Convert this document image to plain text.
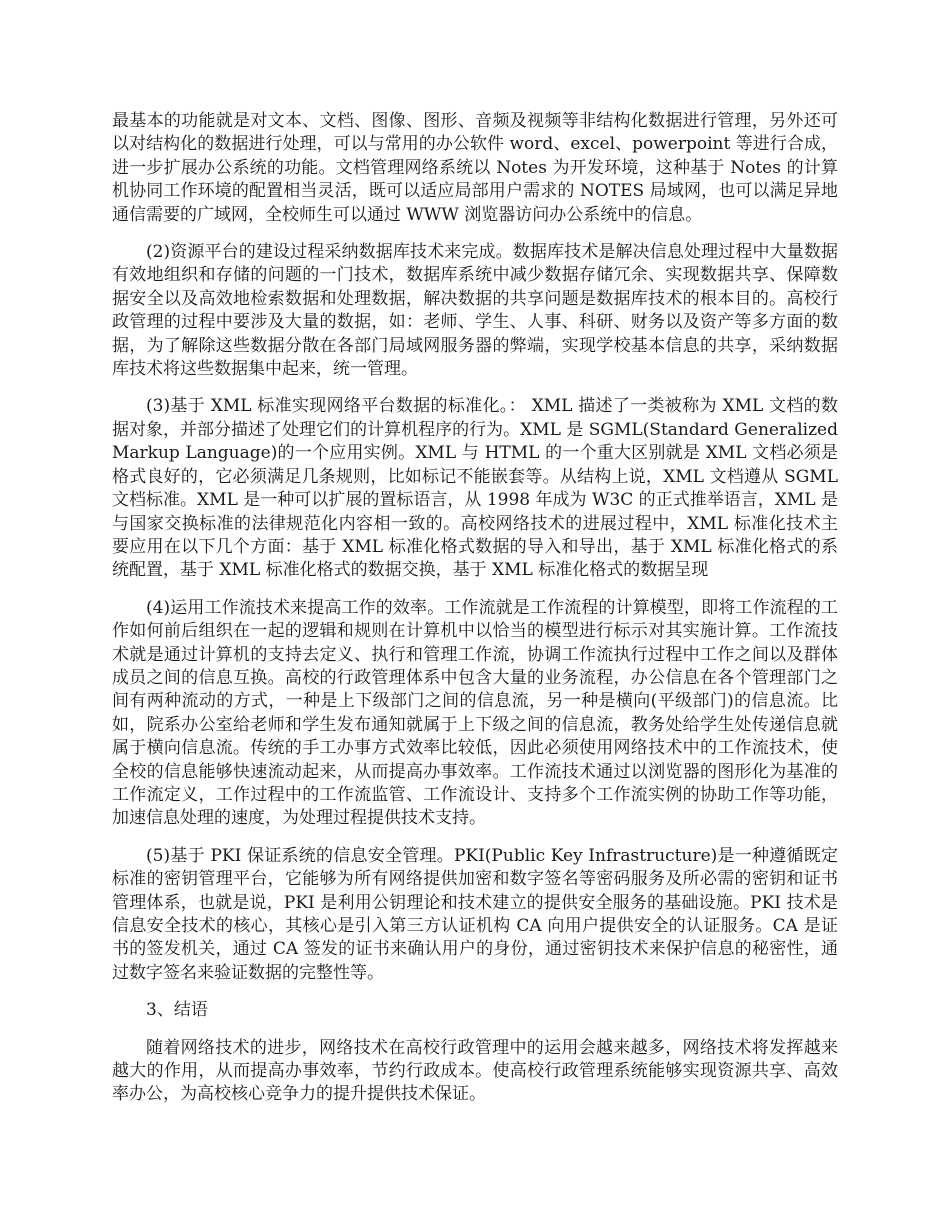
最基本的功能就是对文本、文档、图像、图形、音频及视频等非结构化数据进行管理，另外还可以对结构化的数据进行处理，可以与常用的办公软件 word、excel、powerpoint 等进行合成，进一步扩展办公系统的功能。文档管理网络系统以 Notes 为开发环境，这种基于 Notes 的计算机协同工作环境的配置相当灵活，既可以适应局部用户需求的 NOTES 局域网，也可以满足异地通信需要的广域网，全校师生可以通过 WWW 浏览器访问办公系统中的信息。

(2)资源平台的建设过程采纳数据库技术来完成。数据库技术是解决信息处理过程中大量数据有效地组织和存储的问题的一门技术，数据库系统中减少数据存储冗余、实现数据共享、保障数据安全以及高效地检索数据和处理数据，解决数据的共享问题是数据库技术的根本目的。高校行政管理的过程中要涉及大量的数据，如：老师、学生、人事、科研、财务以及资产等多方面的数据，为了解除这些数据分散在各部门局域网服务器的弊端，实现学校基本信息的共享，采纳数据库技术将这些数据集中起来，统一管理。

(3)基于 XML 标准实现网络平台数据的标准化。： XML 描述了一类被称为 XML 文档的数据对象，并部分描述了处理它们的计算机程序的行为。XML 是 SGML(Standard Generalized Markup Language)的一个应用实例。XML 与 HTML 的一个重大区别就是 XML 文档必须是格式良好的，它必须满足几条规则，比如标记不能嵌套等。从结构上说，XML 文档遵从 SGML 文档标准。XML 是一种可以扩展的置标语言，从 1998 年成为 W3C 的正式推举语言，XML 是与国家交换标准的法律规范化内容相一致的。高校网络技术的进展过程中，XML 标准化技术主要应用在以下几个方面：基于 XML 标准化格式数据的导入和导出，基于 XML 标准化格式的系统配置，基于 XML 标准化格式的数据交换，基于 XML 标准化格式的数据呈现

(4)运用工作流技术来提高工作的效率。工作流就是工作流程的计算模型，即将工作流程的工作如何前后组织在一起的逻辑和规则在计算机中以恰当的模型进行标示对其实施计算。工作流技术就是通过计算机的支持去定义、执行和管理工作流，协调工作流执行过程中工作之间以及群体成员之间的信息互换。高校的行政管理体系中包含大量的业务流程，办公信息在各个管理部门之间有两种流动的方式，一种是上下级部门之间的信息流，另一种是横向(平级部门)的信息流。比如，院系办公室给老师和学生发布通知就属于上下级之间的信息流，教务处给学生处传递信息就属于横向信息流。传统的手工办事方式效率比较低，因此必须使用网络技术中的工作流技术，使全校的信息能够快速流动起来，从而提高办事效率。工作流技术通过以浏览器的图形化为基准的工作流定义，工作过程中的工作流监管、工作流设计、支持多个工作流实例的协助工作等功能，加速信息处理的速度，为处理过程提供技术支持。

(5)基于 PKI 保证系统的信息安全管理。PKI(Public Key Infrastructure)是一种遵循既定标准的密钥管理平台，它能够为所有网络提供加密和数字签名等密码服务及所必需的密钥和证书管理体系，也就是说，PKI 是利用公钥理论和技术建立的提供安全服务的基础设施。PKI 技术是信息安全技术的核心，其核心是引入第三方认证机构 CA 向用户提供安全的认证服务。CA 是证书的签发机关，通过 CA 签发的证书来确认用户的身份，通过密钥技术来保护信息的秘密性，通过数字签名来验证数据的完整性等。

3、结语

随着网络技术的进步，网络技术在高校行政管理中的运用会越来越多，网络技术将发挥越来越大的作用，从而提高办事效率，节约行政成本。使高校行政管理系统能够实现资源共享、高效率办公，为高校核心竞争力的提升提供技术保证。
